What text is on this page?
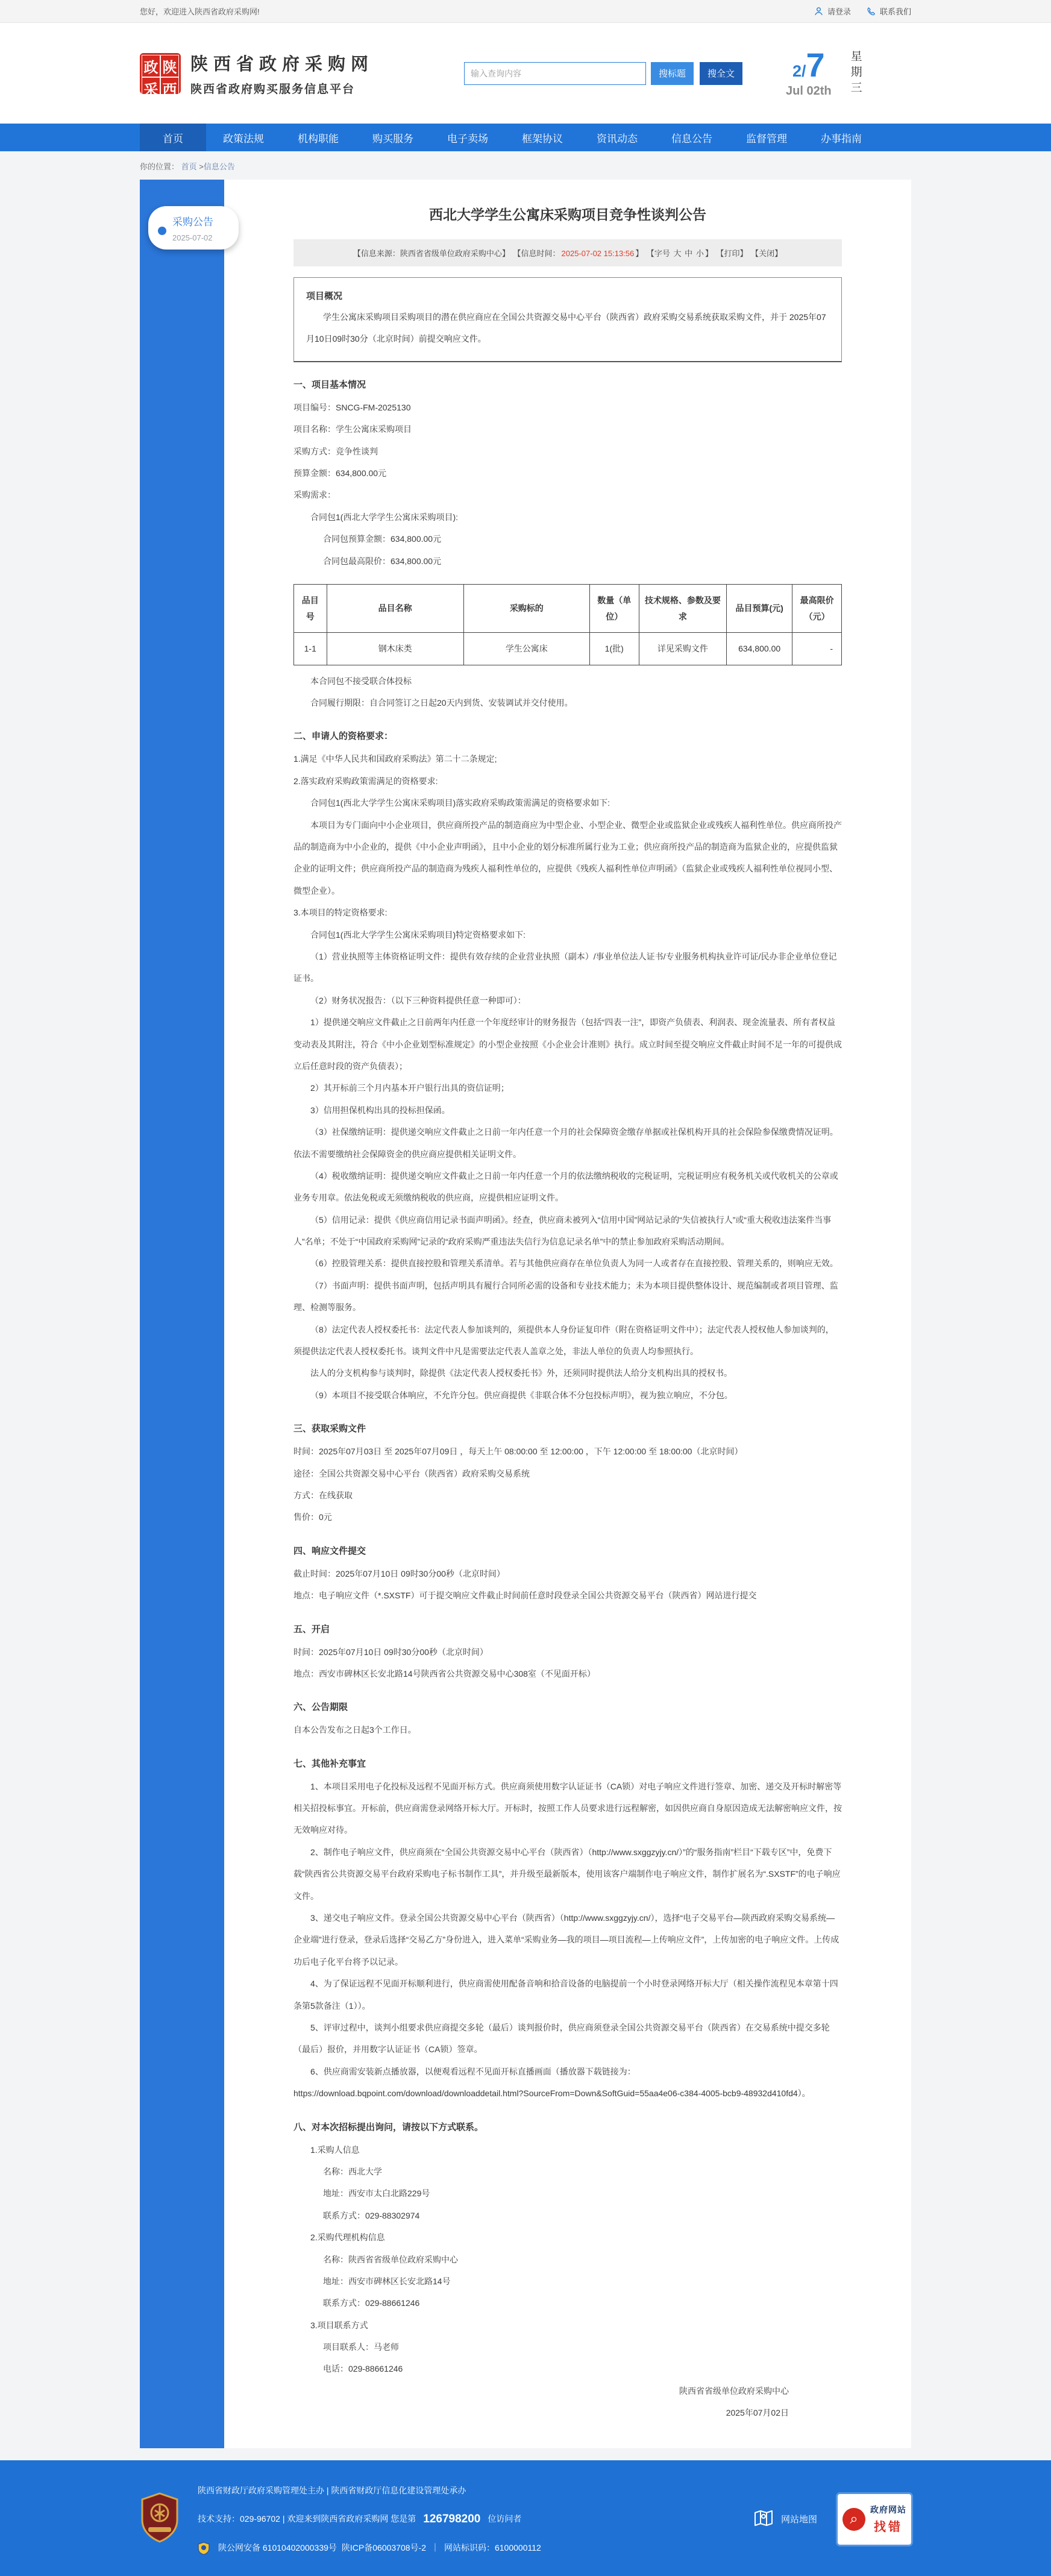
您好，欢迎进入陕西省政府采购网!	请登录	联系我们
政 陕
采 西
陕西省政府采购网
陕西省政府购买服务信息平台
输入查询内容
搜标题	搜全文	2/7
Jul 02th 星期三
首页	政策法规	机构职能	购买服务	电子卖场	框架协议	资讯动态	信息公告	监督管理	办事指南
你的位置： 首页 >信息公告
采购公告
2025-07-02
西北大学学生公寓床采购项目竞争性谈判公告
【信息来源：陕西省省级单位政府采购中心】 【信息时间： 2025-07-02 15:13:56 】 【字号 大 中 小 】 【打印】 【关闭】
项目概况
学生公寓床采购项目采购项目的潜在供应商应在全国公共资源交易中心平台（陕西省）政府采购交易系统获取采购文件，并于 2025年07月10日09时30分（北京时间）前提交响应文件。
一、项目基本情况
项目编号：SNCG-FM-2025130
项目名称：学生公寓床采购项目
采购方式：竞争性谈判
预算金额：634,800.00元
采购需求：
合同包1(西北大学学生公寓床采购项目):
合同包预算金额：634,800.00元
合同包最高限价：634,800.00元
品目号	品目名称	采购标的	数量（单位）	技术规格、参数及要求	品目预算(元)	最高限价（元）
1-1	钢木床类	学生公寓床	1(批)	详见采购文件	634,800.00	-
本合同包不接受联合体投标
合同履行期限：自合同签订之日起20天内到货、安装调试并交付使用。
二、申请人的资格要求：
1.满足《中华人民共和国政府采购法》第二十二条规定;
2.落实政府采购政策需满足的资格要求:
合同包1(西北大学学生公寓床采购项目)落实政府采购政策需满足的资格要求如下:
本项目为专门面向中小企业项目，供应商所投产品的制造商应为中型企业、小型企业、微型企业或监狱企业或残疾人福利性单位。供应商所投产品的制造商为中小企业的，提供《中小企业声明函》，且中小企业的划分标准所属行业为工业；供应商所投产品的制造商为监狱企业的，应提供监狱企业的证明文件；供应商所投产品的制造商为残疾人福利性单位的，应提供《残疾人福利性单位声明函》（监狱企业或残疾人福利性单位视同小型、微型企业）。
3.本项目的特定资格要求:
合同包1(西北大学学生公寓床采购项目)特定资格要求如下:
（1）营业执照等主体资格证明文件：提供有效存续的企业营业执照（副本）/事业单位法人证书/专业服务机构执业许可证/民办非企业单位登记证书。
（2）财务状况报告：（以下三种资料提供任意一种即可）：
1）提供递交响应文件截止之日前两年内任意一个年度经审计的财务报告（包括“四表一注”，即资产负债表、利润表、现金流量表、所有者权益变动表及其附注，符合《中小企业划型标准规定》的小型企业按照《小企业会计准则》执行。成立时间至提交响应文件截止时间不足一年的可提供成立后任意时段的资产负债表）；
2）其开标前三个月内基本开户银行出具的资信证明；
3）信用担保机构出具的投标担保函。
（3）社保缴纳证明：提供递交响应文件截止之日前一年内任意一个月的社会保障资金缴存单据或社保机构开具的社会保险参保缴费情况证明。依法不需要缴纳社会保障资金的供应商应提供相关证明文件。
（4）税收缴纳证明：提供递交响应文件截止之日前一年内任意一个月的依法缴纳税收的完税证明，完税证明应有税务机关或代收机关的公章或业务专用章。依法免税或无须缴纳税收的供应商，应提供相应证明文件。
（5）信用记录：提供《供应商信用记录书面声明函》。经查，供应商未被列入“信用中国”网站记录的“失信被执行人”或“重大税收违法案件当事人”名单；不处于“中国政府采购网”记录的“政府采购严重违法失信行为信息记录名单”中的禁止参加政府采购活动期间。
（6）控股管理关系：提供直接控股和管理关系清单。若与其他供应商存在单位负责人为同一人或者存在直接控股、管理关系的，则响应无效。
（7）书面声明：提供书面声明，包括声明具有履行合同所必需的设备和专业技术能力；未为本项目提供整体设计、规范编制或者项目管理、监理、检测等服务。
（8）法定代表人授权委托书：法定代表人参加谈判的，须提供本人身份证复印件（附在资格证明文件中）；法定代表人授权他人参加谈判的，须提供法定代表人授权委托书。谈判文件中凡是需要法定代表人盖章之处，非法人单位的负责人均参照执行。
法人的分支机构参与谈判时，除提供《法定代表人授权委托书》外，还须同时提供法人给分支机构出具的授权书。
（9）本项目不接受联合体响应，不允许分包。供应商提供《非联合体不分包投标声明》，视为独立响应，不分包。
三、获取采购文件
时间：2025年07月03日 至 2025年07月09日 ，每天上午 08:00:00 至 12:00:00 ，下午 12:00:00 至 18:00:00（北京时间）
途径：全国公共资源交易中心平台（陕西省）政府采购交易系统
方式：在线获取
售价：0元
四、响应文件提交
截止时间：2025年07月10日 09时30分00秒（北京时间）
地点：电子响应文件（*.SXSTF）可于提交响应文件截止时间前任意时段登录全国公共资源交易平台（陕西省）网站进行提交
五、开启
时间：2025年07月10日 09时30分00秒（北京时间）
地点：西安市碑林区长安北路14号陕西省公共资源交易中心308室（不见面开标）
六、公告期限
自本公告发布之日起3个工作日。
七、其他补充事宜
1、本项目采用电子化投标及远程不见面开标方式。供应商须使用数字认证证书（CA锁）对电子响应文件进行签章、加密、递交及开标时解密等相关招投标事宜。开标前，供应商需登录网络开标大厅。开标时，按照工作人员要求进行远程解密，如因供应商自身原因造成无法解密响应文件，按无效响应对待。
2、制作电子响应文件，供应商须在“全国公共资源交易中心平台（陕西省）（http://www.sxggzyjy.cn/）”的“服务指南”栏目“下载专区”中，免费下载“陕西省公共资源交易平台政府采购电子标书制作工具”，并升级至最新版本，使用该客户端制作电子响应文件，制作扩展名为“.SXSTF”的电子响应文件。
3、递交电子响应文件。登录全国公共资源交易中心平台（陕西省）（http://www.sxggzyjy.cn/），选择“电子交易平台—陕西政府采购交易系统—企业端”进行登录，登录后选择“交易乙方”身份进入，进入菜单“采购业务—我的项目—项目流程—上传响应文件”，上传加密的电子响应文件。上传成功后电子化平台将予以记录。
4、为了保证远程不见面开标顺利进行，供应商需使用配备音响和拾音设备的电脑提前一个小时登录网络开标大厅（相关操作流程见本章第十四条第5款备注（1））。
5、评审过程中，谈判小组要求供应商提交多轮（最后）谈判报价时，供应商须登录全国公共资源交易平台（陕西省）在交易系统中提交多轮（最后）报价，并用数字认证证书（CA锁）签章。
6、供应商需安装新点播放器，以便观看远程不见面开标直播画面（播放器下载链接为：https://download.bqpoint.com/download/downloaddetail.html?SourceFrom=Down&SoftGuid=55aa4e06-c384-4005-bcb9-48932d410fd4）。
八、对本次招标提出询问，请按以下方式联系。
1.采购人信息
名称：西北大学
地址：西安市太白北路229号
联系方式：029-88302974
2.采购代理机构信息
名称：陕西省省级单位政府采购中心
地址：西安市碑林区长安北路14号
联系方式：029-88661246
3.项目联系方式
项目联系人：马老师
电话：029-88661246
陕西省省级单位政府采购中心
2025年07月02日
陕西省财政厅政府采购管理处主办 | 陕西省财政厅信息化建设管理处承办
技术支持：029-96702 | 欢迎来到陕西省政府采购网 您是第 126798200 位访问者
陕公网安备 61010402000339号 陕ICP备06003708号-2 ｜ 网站标识码：6100000112
网站地图	⌕
政府网站
找错
